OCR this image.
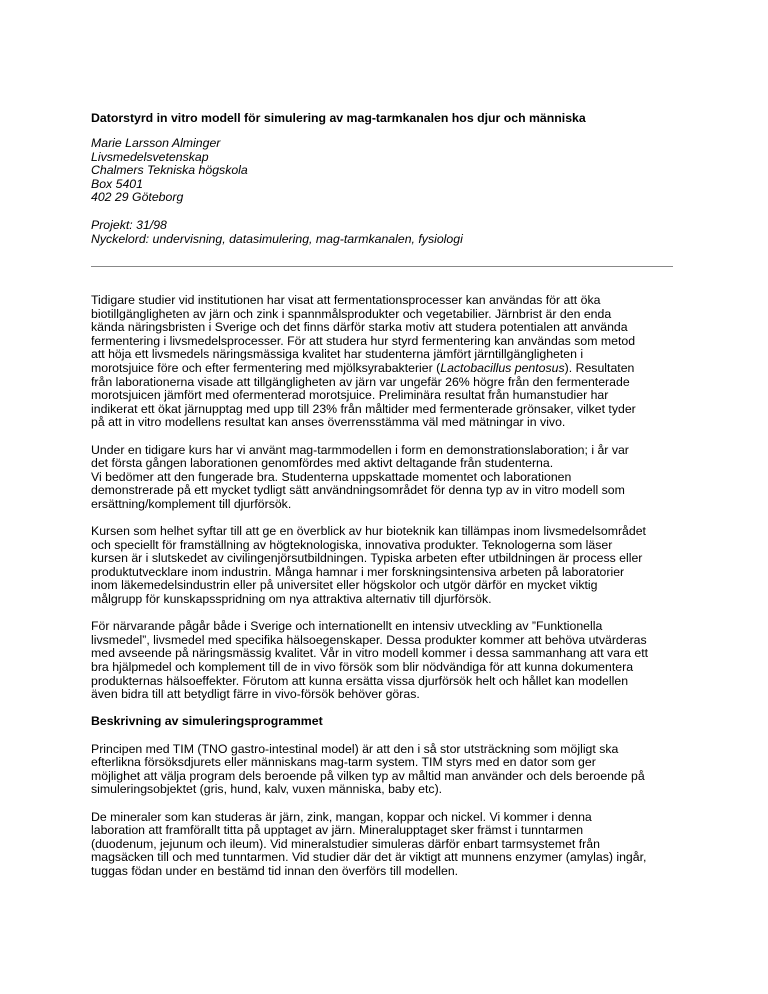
Datorstyrd in vitro modell för simulering av mag-tarmkanalen hos djur och människa
Marie Larsson Alminger
Livsmedelsvetenskap
Chalmers Tekniska högskola
Box 5401
402 29 Göteborg
Projekt: 31/98
Nyckelord: undervisning, datasimulering, mag-tarmkanalen, fysiologi

Tidigare studier vid institutionen har visat att fermentationsprocesser kan användas för att öka
biotillgängligheten av järn och zink i spannmålsprodukter och vegetabilier. Järnbrist är den enda
kända näringsbristen i Sverige och det finns därför starka motiv att studera potentialen att använda
fermentering i livsmedelsprocesser. För att studera hur styrd fermentering kan användas som metod
att höja ett livsmedels näringsmässiga kvalitet har studenterna jämfört järntillgängligheten i
morotsjuice före och efter fermentering med mjölksyrabakterier (Lactobacillus pentosus). Resultaten
från laborationerna visade att tillgängligheten av järn var ungefär 26% högre från den fermenterade
morotsjuicen jämfört med ofermenterad morotsjuice. Preliminära resultat från humanstudier har
indikerat ett ökat järnupptag med upp till 23% från måltider med fermenterade grönsaker, vilket tyder
på att in vitro modellens resultat kan anses överrensstämma väl med mätningar in vivo.

Under en tidigare kurs har vi använt mag-tarmmodellen i form en demonstrationslaboration; i år var
det första gången laborationen genomfördes med aktivt deltagande från studenterna.
Vi bedömer att den fungerade bra. Studenterna uppskattade momentet och laborationen
demonstrerade på ett mycket tydligt sätt användningsområdet för denna typ av in vitro modell som
ersättning/komplement till djurförsök.

Kursen som helhet syftar till att ge en överblick av hur bioteknik kan tillämpas inom livsmedelsområdet
och speciellt för framställning av högteknologiska, innovativa produkter. Teknologerna som läser
kursen är i slutskedet av civilingenjörsutbildningen. Typiska arbeten efter utbildningen är process eller
produktutvecklare inom industrin. Många hamnar i mer forskningsintensiva arbeten på laboratorier
inom läkemedelsindustrin eller på universitet eller högskolor och utgör därför en mycket viktig
målgrupp för kunskapsspridning om nya attraktiva alternativ till djurförsök.

För närvarande pågår både i Sverige och internationellt en intensiv utveckling av ”Funktionella
livsmedel”, livsmedel med specifika hälsoegenskaper. Dessa produkter kommer att behöva utvärderas
med avseende på näringsmässig kvalitet. Vår in vitro modell kommer i dessa sammanhang att vara ett
bra hjälpmedel och komplement till de in vivo försök som blir nödvändiga för att kunna dokumentera
produkternas hälsoeffekter. Förutom att kunna ersätta vissa djurförsök helt och hållet kan modellen
även bidra till att betydligt färre in vivo-försök behöver göras.

Beskrivning av simuleringsprogrammet

Principen med TIM (TNO gastro-intestinal model) är att den i så stor utsträckning som möjligt ska
efterlikna försöksdjurets eller människans mag-tarm system. TIM styrs med en dator som ger
möjlighet att välja program dels beroende på vilken typ av måltid man använder och dels beroende på
simuleringsobjektet (gris, hund, kalv, vuxen människa, baby etc).

De mineraler som kan studeras är järn, zink, mangan, koppar och nickel. Vi kommer i denna
laboration att framförallt titta på upptaget av järn. Mineralupptaget sker främst i tunntarmen
(duodenum, jejunum och ileum). Vid mineralstudier simuleras därför enbart tarmsystemet från
magsäcken till och med tunntarmen. Vid studier där det är viktigt att munnens enzymer (amylas) ingår,
tuggas födan under en bestämd tid innan den överförs till modellen.
